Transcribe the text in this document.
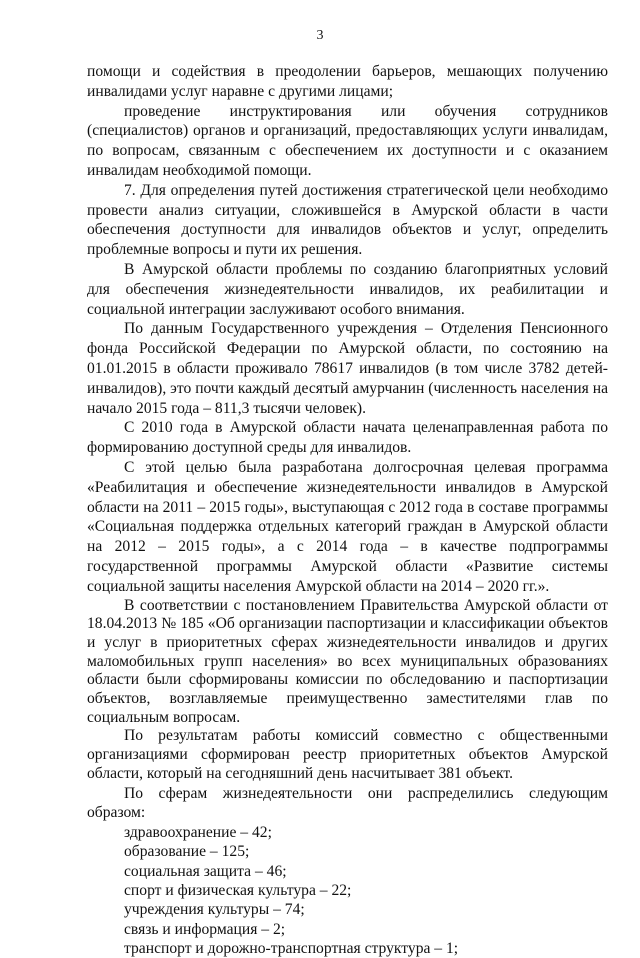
3

помощи и содействия в преодолении барьеров, мешающих получению инвалидами услуг наравне с другими лицами;

проведение инструктирования или обучения сотрудников (специалистов) органов и организаций, предоставляющих услуги инвалидам, по вопросам, связанным с обеспечением их доступности и с оказанием инвалидам необходимой помощи.

7. Для определения путей достижения стратегической цели необходимо провести анализ ситуации, сложившейся в Амурской области в части обеспечения доступности для инвалидов объектов и услуг, определить проблемные вопросы и пути их решения.

В Амурской области проблемы по созданию благоприятных условий для обеспечения жизнедеятельности инвалидов, их реабилитации и социальной интеграции заслуживают особого внимания.

По данным Государственного учреждения – Отделения Пенсионного фонда Российской Федерации по Амурской области, по состоянию на 01.01.2015 в области проживало 78617 инвалидов (в том числе 3782 детей-инвалидов), это почти каждый десятый амурчанин (численность населения на начало 2015 года – 811,3 тысячи человек).

С 2010 года в Амурской области начата целенаправленная работа по формированию доступной среды для инвалидов.

С этой целью была разработана долгосрочная целевая программа «Реабилитация и обеспечение жизнедеятельности инвалидов в Амурской области на 2011 – 2015 годы», выступающая с 2012 года в составе программы «Социальная поддержка отдельных категорий граждан в Амурской области на 2012 – 2015 годы», а с 2014 года – в качестве подпрограммы государственной программы Амурской области «Развитие системы социальной защиты населения Амурской области на 2014 – 2020 гг.».

В соответствии с постановлением Правительства Амурской области от 18.04.2013 № 185 «Об организации паспортизации и классификации объектов и услуг в приоритетных сферах жизнедеятельности инвалидов и других маломобильных групп населения» во всех муниципальных образованиях области были сформированы комиссии по обследованию и паспортизации объектов, возглавляемые преимущественно заместителями глав по социальным вопросам.

По результатам работы комиссий совместно с общественными организациями сформирован реестр приоритетных объектов Амурской области, который на сегодняшний день насчитывает 381 объект.

По сферам жизнедеятельности они распределились следующим образом:

здравоохранение – 42;
образование – 125;
социальная защита – 46;
спорт и физическая культура – 22;
учреждения культуры – 74;
связь и информация – 2;
транспорт и дорожно-транспортная структура – 1;
